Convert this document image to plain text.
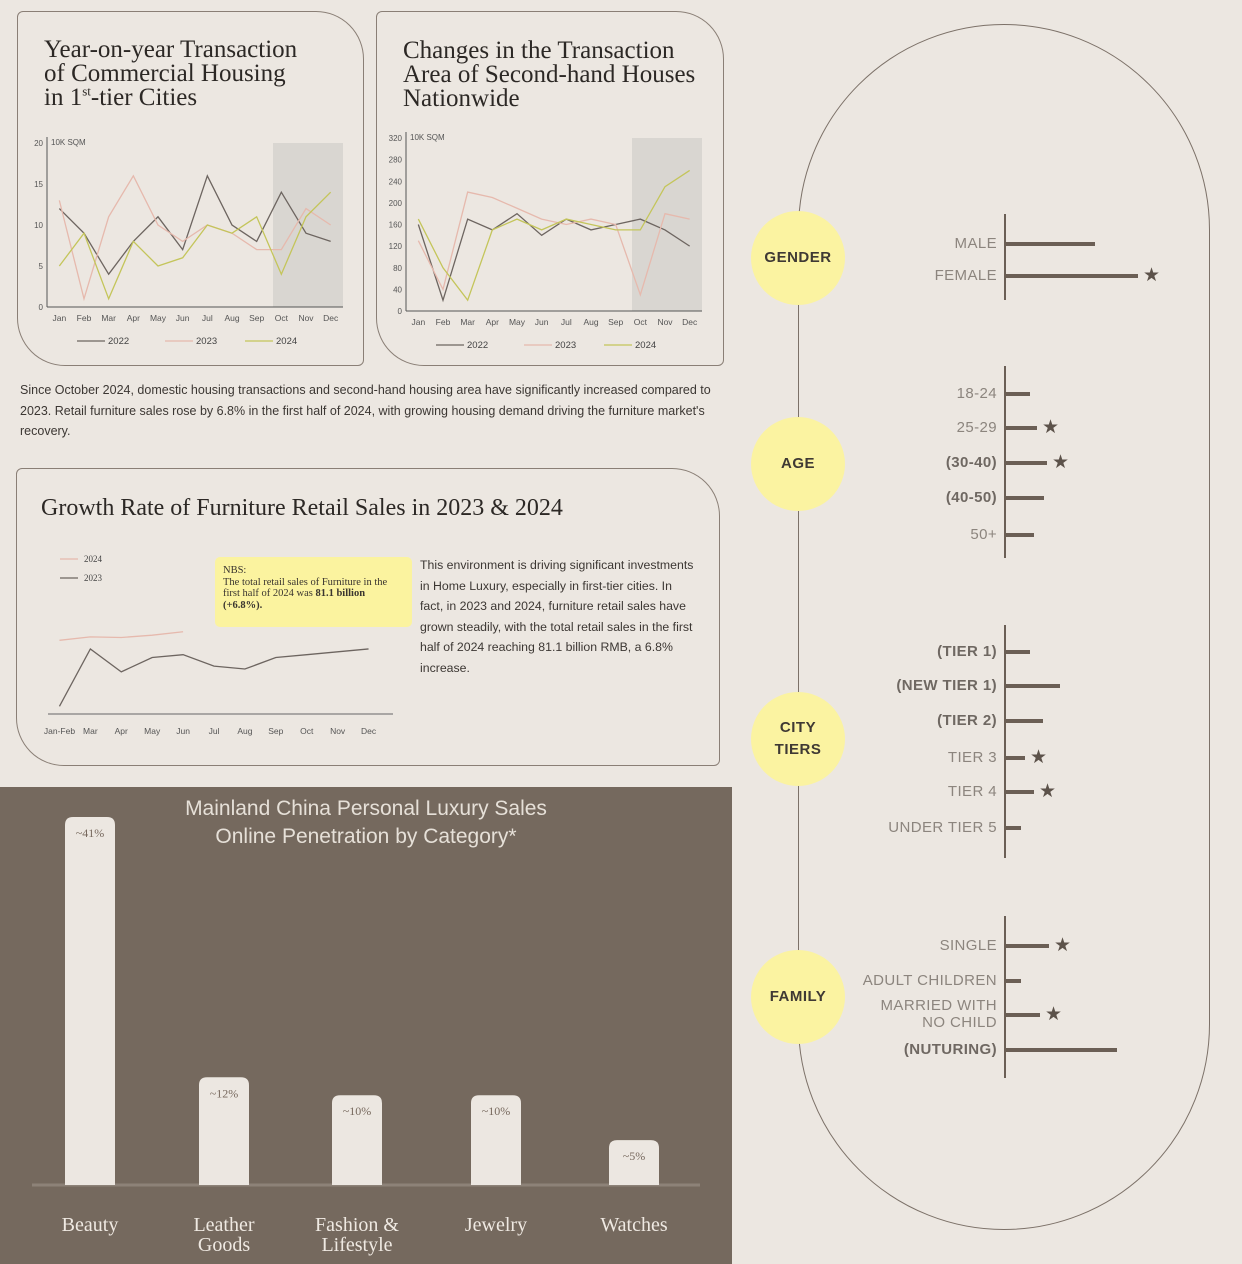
Year-on-year Transaction
of Commercial Housing
in 1st-tier Cities
10K SQM
0
5
10
15
20
Jan Feb Mar Apr May Jun Jul Aug Sep Oct Nov Dec
2022	2023	2024
Changes in the Transaction
Area of Second-hand Houses
Nationwide
10K SQM
0
40
80
120
160
200
240
280
320
Jan Feb Mar Apr May Jun Jul Aug Sep Oct Nov Dec
2022	2023	2024
Since October 2024, domestic housing transactions and second-hand housing area have significantly increased compared to 2023. Retail furniture sales rose by 6.8% in the first half of 2024, with growing housing demand driving the furniture market's recovery.
Growth Rate of Furniture Retail Sales in 2023 & 2024
NBS:
The total retail sales of Furniture in the first half of 2024 was 81.1 billion (+6.8%).
This environment is driving significant investments in Home Luxury, especially in first-tier cities. In fact, in 2023 and 2024, furniture retail sales have grown steadily, with the total retail sales in the first half of 2024 reaching 81.1 billion RMB, a 6.8% increase.
Jan-Feb Mar Apr May Jun Jul Aug Sep Oct Nov Dec
2024
2023
Mainland China Personal Luxury Sales
Online Penetration by Category*
~41%
~12%
~10%	~10%
~5%
Beauty	Leather
Goods
Fashion &
Lifestyle
Jewelry	Watches
GENDER
AGE
CITY
TIERS
FAMILY
MALE
FEMALE	★
18-24
25-29 ★
(30-40)	★
(40-50)
50+
(TIER 1)
(NEW TIER 1)
(TIER 2)
TIER 3 ★
TIER 4 ★
UNDER TIER 5
SINGLE	★
ADULT CHILDREN
MARRIED WITH
NO CHILD	★
(NUTURING)
